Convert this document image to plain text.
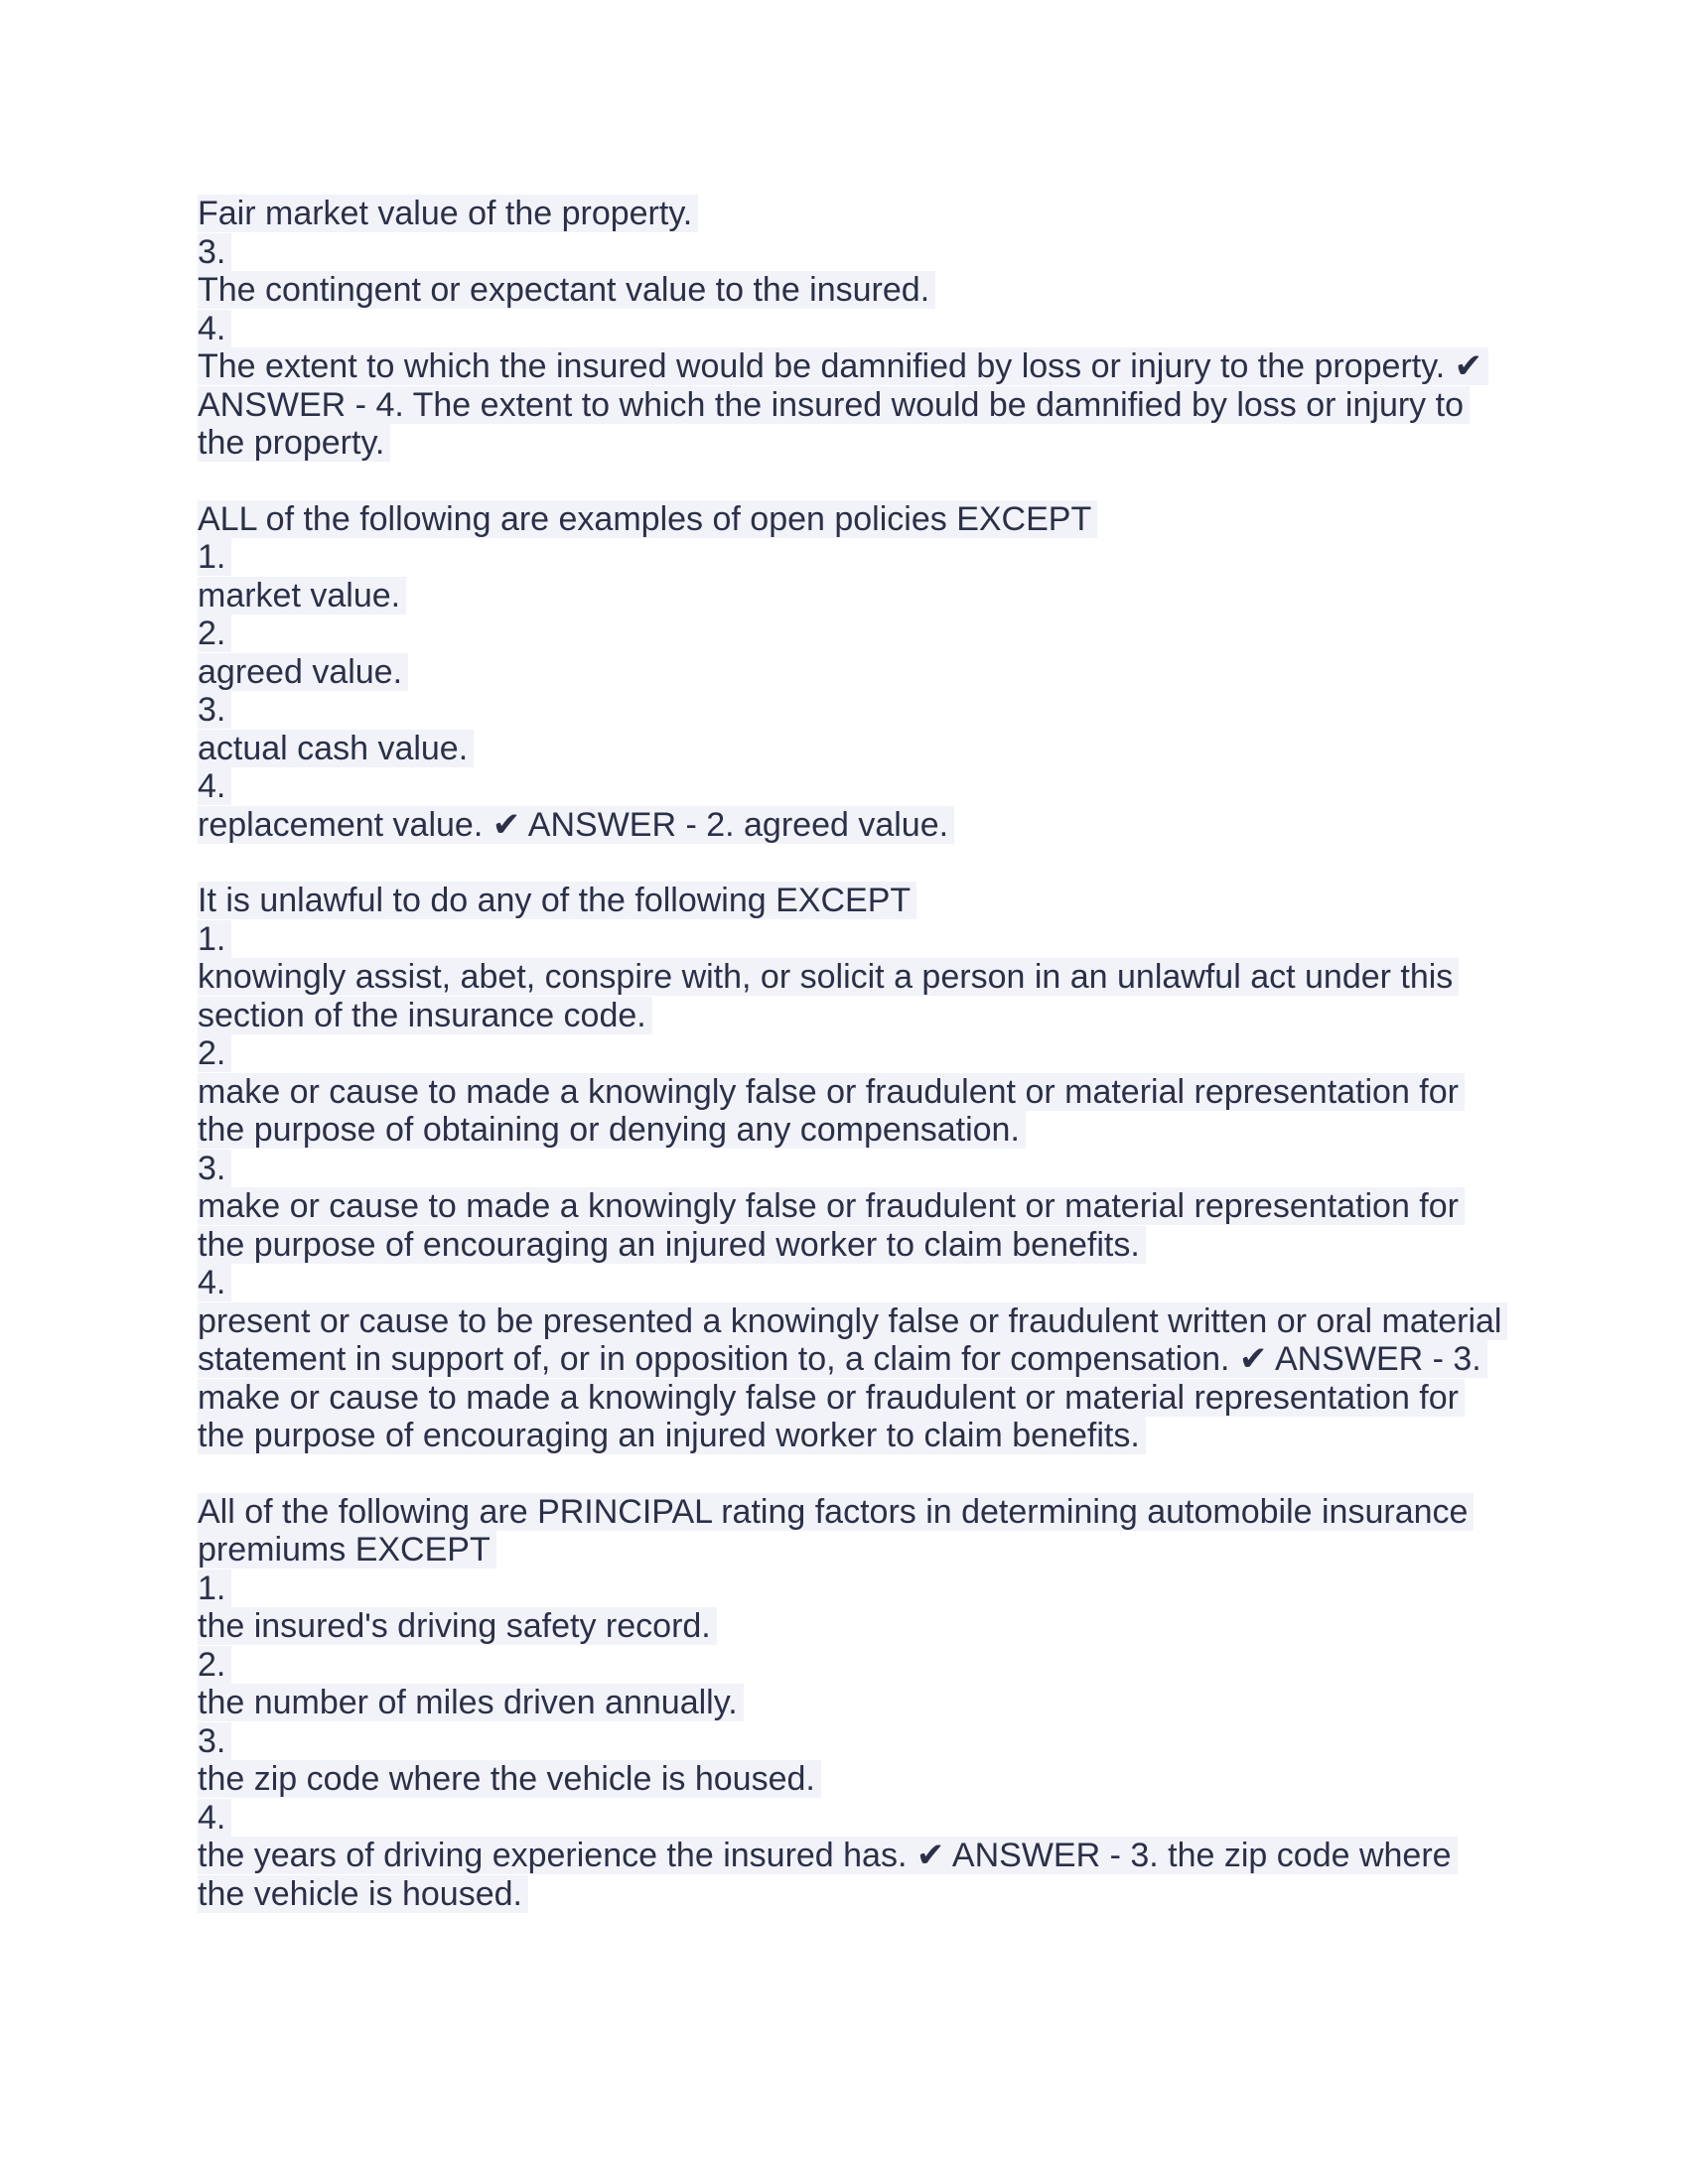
Fair market value of the property.
3.
The contingent or expectant value to the insured.
4.
The extent to which the insured would be damnified by loss or injury to the property. ✔
ANSWER - 4. The extent to which the insured would be damnified by loss or injury to
the property.
ALL of the following are examples of open policies EXCEPT
1.
market value.
2.
agreed value.
3.
actual cash value.
4.
replacement value. ✔ ANSWER - 2. agreed value.
It is unlawful to do any of the following EXCEPT
1.
knowingly assist, abet, conspire with, or solicit a person in an unlawful act under this
section of the insurance code.
2.
make or cause to made a knowingly false or fraudulent or material representation for
the purpose of obtaining or denying any compensation.
3.
make or cause to made a knowingly false or fraudulent or material representation for
the purpose of encouraging an injured worker to claim benefits.
4.
present or cause to be presented a knowingly false or fraudulent written or oral material
statement in support of, or in opposition to, a claim for compensation. ✔ ANSWER - 3.
make or cause to made a knowingly false or fraudulent or material representation for
the purpose of encouraging an injured worker to claim benefits.
All of the following are PRINCIPAL rating factors in determining automobile insurance
premiums EXCEPT
1.
the insured's driving safety record.
2.
the number of miles driven annually.
3.
the zip code where the vehicle is housed.
4.
the years of driving experience the insured has. ✔ ANSWER - 3. the zip code where
the vehicle is housed.
